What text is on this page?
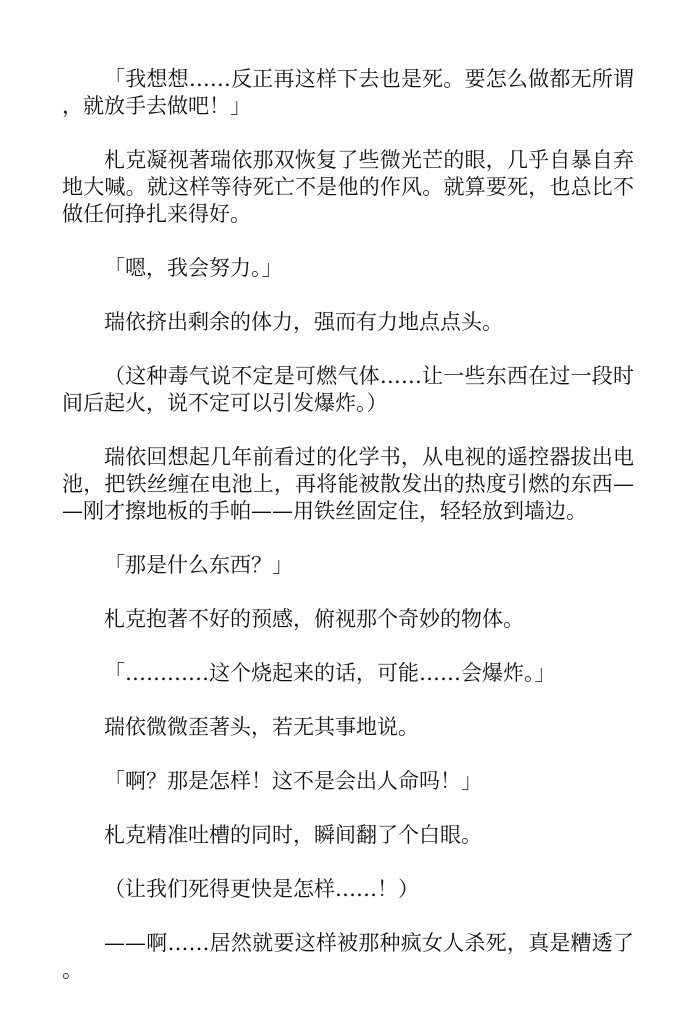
「我想想……反正再这样下去也是死。要怎么做都无所谓，就放手去做吧！」

札克凝视著瑞依那双恢复了些微光芒的眼，几乎自暴自弃地大喊。就这样等待死亡不是他的作风。就算要死，也总比不做任何挣扎来得好。

「嗯，我会努力。」

瑞依挤出剩余的体力，强而有力地点点头。

（这种毒气说不定是可燃气体……让一些东西在过一段时间后起火，说不定可以引发爆炸。）

瑞依回想起几年前看过的化学书，从电视的遥控器拔出电池，把铁丝缠在电池上，再将能被散发出的热度引燃的东西——刚才擦地板的手帕——用铁丝固定住，轻轻放到墙边。

「那是什么东西？」

札克抱著不好的预感，俯视那个奇妙的物体。

「…………这个烧起来的话，可能……会爆炸。」

瑞依微微歪著头，若无其事地说。

「啊？那是怎样！这不是会出人命吗！」

札克精准吐槽的同时，瞬间翻了个白眼。

（让我们死得更快是怎样……！）

——啊……居然就要这样被那种疯女人杀死，真是糟透了。
